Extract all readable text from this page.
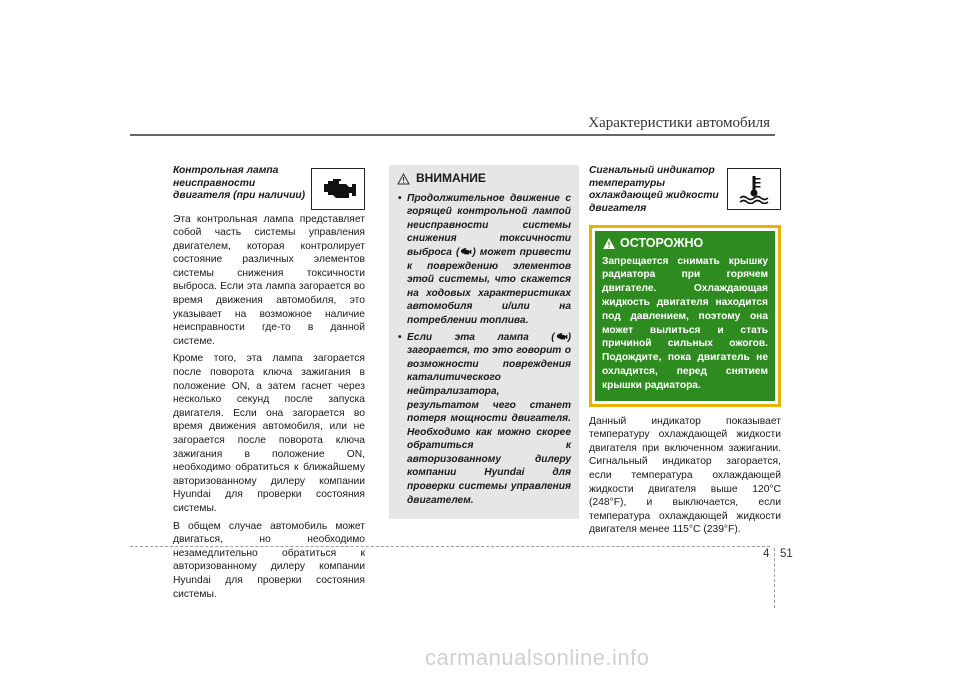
Характеристики автомобиля
Контрольная лампа
неисправности
двигателя (при наличии)

Эта контрольная лампа представляет собой часть системы управления двигателем, которая контролирует состояние различных элементов системы снижения токсичности выброса. Если эта лампа загорается во время движения автомобиля, это указывает на возможное наличие неисправности где-то в данной системе.

Кроме того, эта лампа загорается после поворота ключа зажигания в положение ON, а затем гаснет через несколько секунд после запуска двигателя. Если она загорается во время движения автомобиля, или не загорается после поворота ключа зажигания в положение ON, необходимо обратиться к ближайшему авторизованному дилеру компании Hyundai для проверки состояния системы.

В общем случае автомобиль может двигаться, но необходимо незамедлительно обратиться к авторизованному дилеру компании Hyundai для проверки состояния системы.

ВНИМАНИЕ
• Продолжительное движение с горящей контрольной лампой неисправности системы снижения токсичности выброса ( ) может привести к повреждению элементов этой системы, что скажется на ходовых характеристиках автомобиля и/или на потреблении топлива.
• Если эта лампа ( ) загорается, то это говорит о возможности повреждения каталитического нейтрализатора, результатом чего станет потеря мощности двигателя. Необходимо как можно скорее обратиться к авторизованному дилеру компании Hyundai для проверки системы управления двигателем.
Сигнальный индикатор
температуры
охлаждающей жидкости
двигателя
ОСТОРОЖНО

Запрещается снимать крышку радиатора при горячем двигателе. Охлаждающая жидкость двигателя находится под давлением, поэтому она может вылиться и стать причиной сильных ожогов. Подождите, пока двигатель не охладится, перед снятием крышки радиатора.

Данный индикатор показывает температуру охлаждающей жидкости двигателя при включенном зажигании. Сигнальный индикатор загорается, если температура охлаждающей жидкости двигателя выше 120°C (248°F), и выключается, если температура охлаждающей жидкости двигателя менее 115°C (239°F).

4 51
carmanualsonline.info
